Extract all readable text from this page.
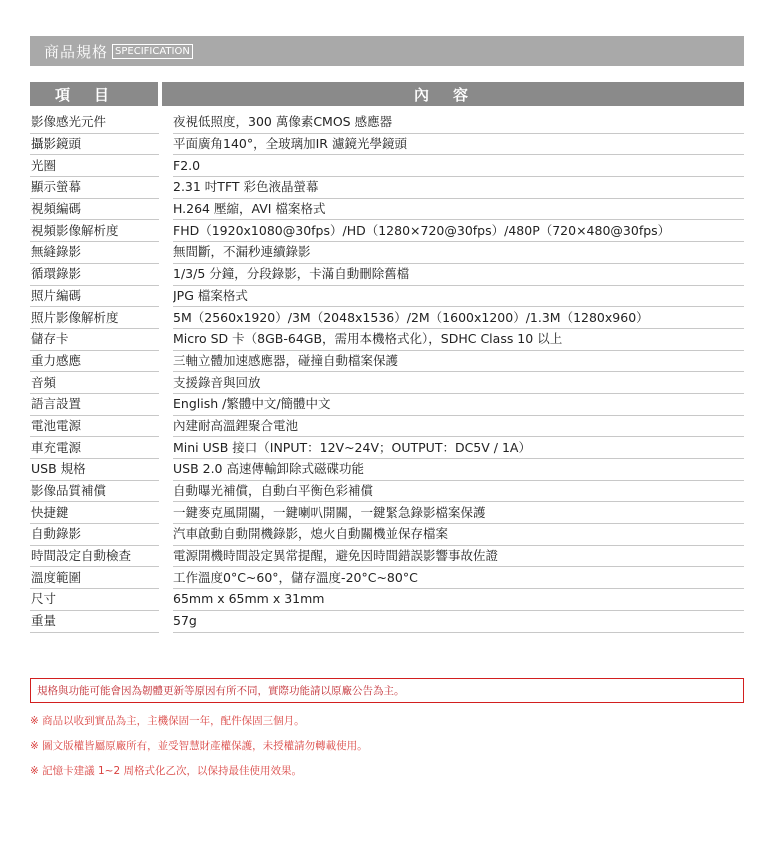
商品規格 SPECIFICATION
項目	內容
影像感光元件		夜視低照度，300 萬像素CMOS 感應器
攝影鏡頭		平面廣角140°，全玻璃加IR 濾鏡光學鏡頭
光圈		F2.0
顯示螢幕		2.31 吋TFT 彩色液晶螢幕
視頻編碼		H.264 壓縮，AVI 檔案格式
視頻影像解析度		FHD（1920x1080@30fps）/HD（1280×720@30fps）/480P（720×480@30fps）
無縫錄影		無間斷，不漏秒連續錄影
循環錄影		1/3/5 分鐘，分段錄影，卡滿自動刪除舊檔
照片編碼		JPG 檔案格式
照片影像解析度		5M（2560x1920）/3M（2048x1536）/2M（1600x1200）/1.3M（1280x960）
儲存卡		Micro SD 卡（8GB-64GB，需用本機格式化），SDHC Class 10 以上
重力感應		三軸立體加速感應器，碰撞自動檔案保護
音頻		支援錄音與回放
語言設置		English /繁體中文/簡體中文
電池電源		內建耐高溫鋰聚合電池
車充電源		Mini USB 接口（INPUT：12V~24V；OUTPUT：DC5V / 1A）
USB 規格		USB 2.0 高速傳輸卸除式磁碟功能
影像品質補償		自動曝光補償，自動白平衡色彩補償
快捷鍵		一鍵麥克風開關，一鍵喇叭開關，一鍵緊急錄影檔案保護
自動錄影		汽車啟動自動開機錄影，熄火自動關機並保存檔案
時間設定自動檢查		電源開機時間設定異常提醒，避免因時間錯誤影響事故佐證
溫度範圍		工作溫度0°C~60°，儲存溫度-20°C~80°C
尺寸		65mm x 65mm x 31mm
重量		57g
規格與功能可能會因為韌體更新等原因有所不同，實際功能請以原廠公告為主。
※ 商品以收到實品為主，主機保固一年，配件保固三個月。
※ 圖文版權皆屬原廠所有，並受智慧財產權保護，未授權請勿轉載使用。
※ 記憶卡建議 1~2 周格式化乙次，以保持最佳使用效果。
